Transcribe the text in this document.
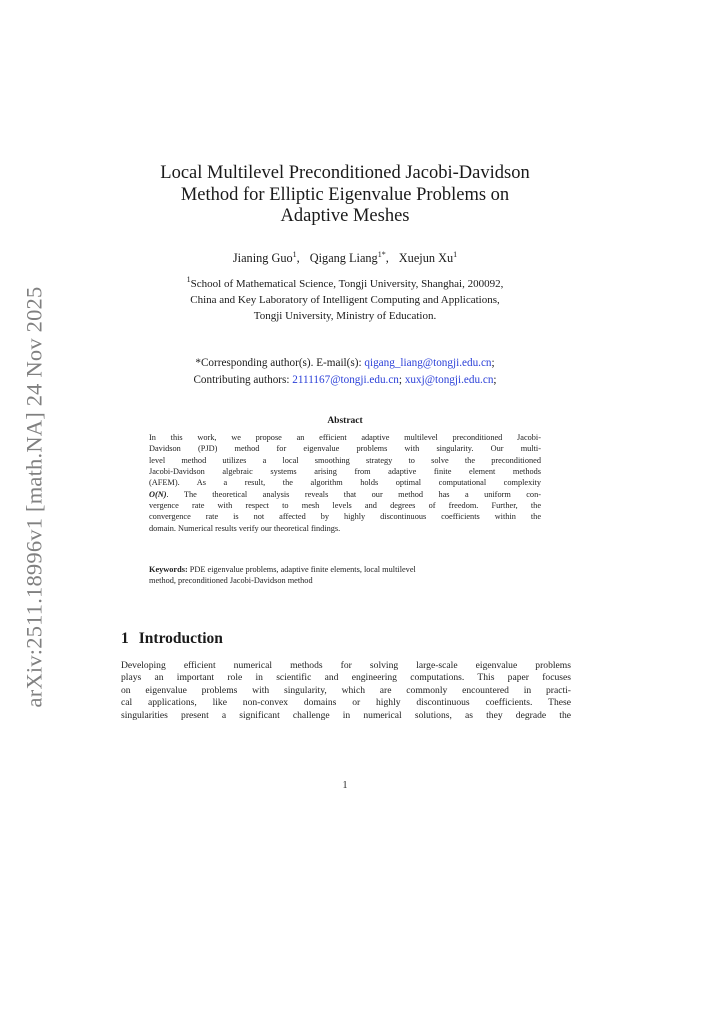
arXiv:2511.18996v1 [math.NA] 24 Nov 2025
Local Multilevel Preconditioned Jacobi-Davidson
Method for Elliptic Eigenvalue Problems on
Adaptive Meshes
Jianing Guo$^1$, Qigang Liang$^{1*}$, Xuejun Xu$^1$
$^1$School of Mathematical Science, Tongji University, Shanghai, 200092,
China and Key Laboratory of Intelligent Computing and Applications,
Tongji University, Ministry of Education.
*Corresponding author(s). E-mail(s): qigang_liang@tongji.edu.cn;
Contributing authors: 2111167@tongji.edu.cn; xuxj@tongji.edu.cn;
Abstract
In this work, we propose an efficient adaptive multilevel preconditioned Jacobi-
Davidson (PJD) method for eigenvalue problems with singularity. Our multi-
level method utilizes a local smoothing strategy to solve the preconditioned
Jacobi-Davidson algebraic systems arising from adaptive finite element methods
(AFEM). As a result, the algorithm holds optimal computational complexity
O(N). The theoretical analysis reveals that our method has a uniform con-
vergence rate with respect to mesh levels and degrees of freedom. Further, the
convergence rate is not affected by highly discontinuous coefficients within the
domain. Numerical results verify our theoretical findings.
Keywords: PDE eigenvalue problems, adaptive finite elements, local multilevel
method, preconditioned Jacobi-Davidson method
1 Introduction
Developing efficient numerical methods for solving large-scale eigenvalue problems
plays an important role in scientific and engineering computations. This paper focuses
on eigenvalue problems with singularity, which are commonly encountered in practi-
cal applications, like non-convex domains or highly discontinuous coefficients. These
singularities present a significant challenge in numerical solutions, as they degrade the
1
